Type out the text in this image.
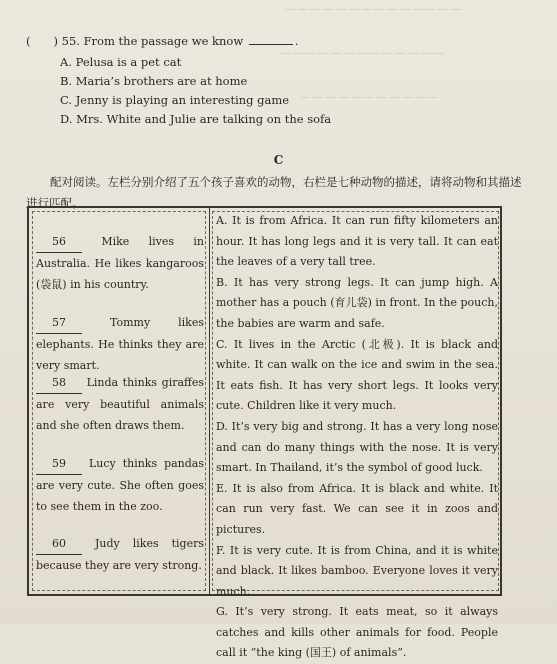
— — — — — — — — — — — — — —
— — — — — — — — — — — — —
— — — — — — — — — — —
(　　) 55. From the passage we know	.
A. Pelusa is a pet cat
B. Maria’s brothers are at home
C. Jenny is playing an interesting game
D. Mrs. White and Julie are talking on the sofa
C
配对阅读。左栏分别介绍了五个孩子喜欢的动物，右栏是七种动物的描述，请将动物和其描述进行匹配。
56	Mike lives in Australia. He likes kangaroos (袋鼠) in his country.
57	Tommy likes elephants. He thinks they are very smart.
58 Linda thinks giraffes are very beautiful animals and she often draws them.
59 Lucy thinks pandas are very cute. She often goes to see them in the zoo.
60	Judy likes tigers because they are very strong.

A. It is from Africa. It can run fifty kilometers an hour. It has long legs and it is very tall. It can eat the leaves of a very tall tree.

B. It has very strong legs. It can jump high. A mother has a pouch (育儿袋) in front. In the pouch, the babies are warm and safe.

C. It lives in the Arctic (北极). It is black and white. It can walk on the ice and swim in the sea. It eats fish. It has very short legs. It looks very cute. Children like it very much.

D. It’s very big and strong. It has a very long nose and can do many things with the nose. It is very smart. In Thailand, it’s the symbol of good luck.

E. It is also from Africa. It is black and white. It can run very fast. We can see it in zoos and pictures.

F. It is very cute. It is from China, and it is white and black. It likes bamboo. Everyone loves it very much.

G. It’s very strong. It eats meat, so it always catches and kills other animals for food. People call it “the king (国王) of animals”.
